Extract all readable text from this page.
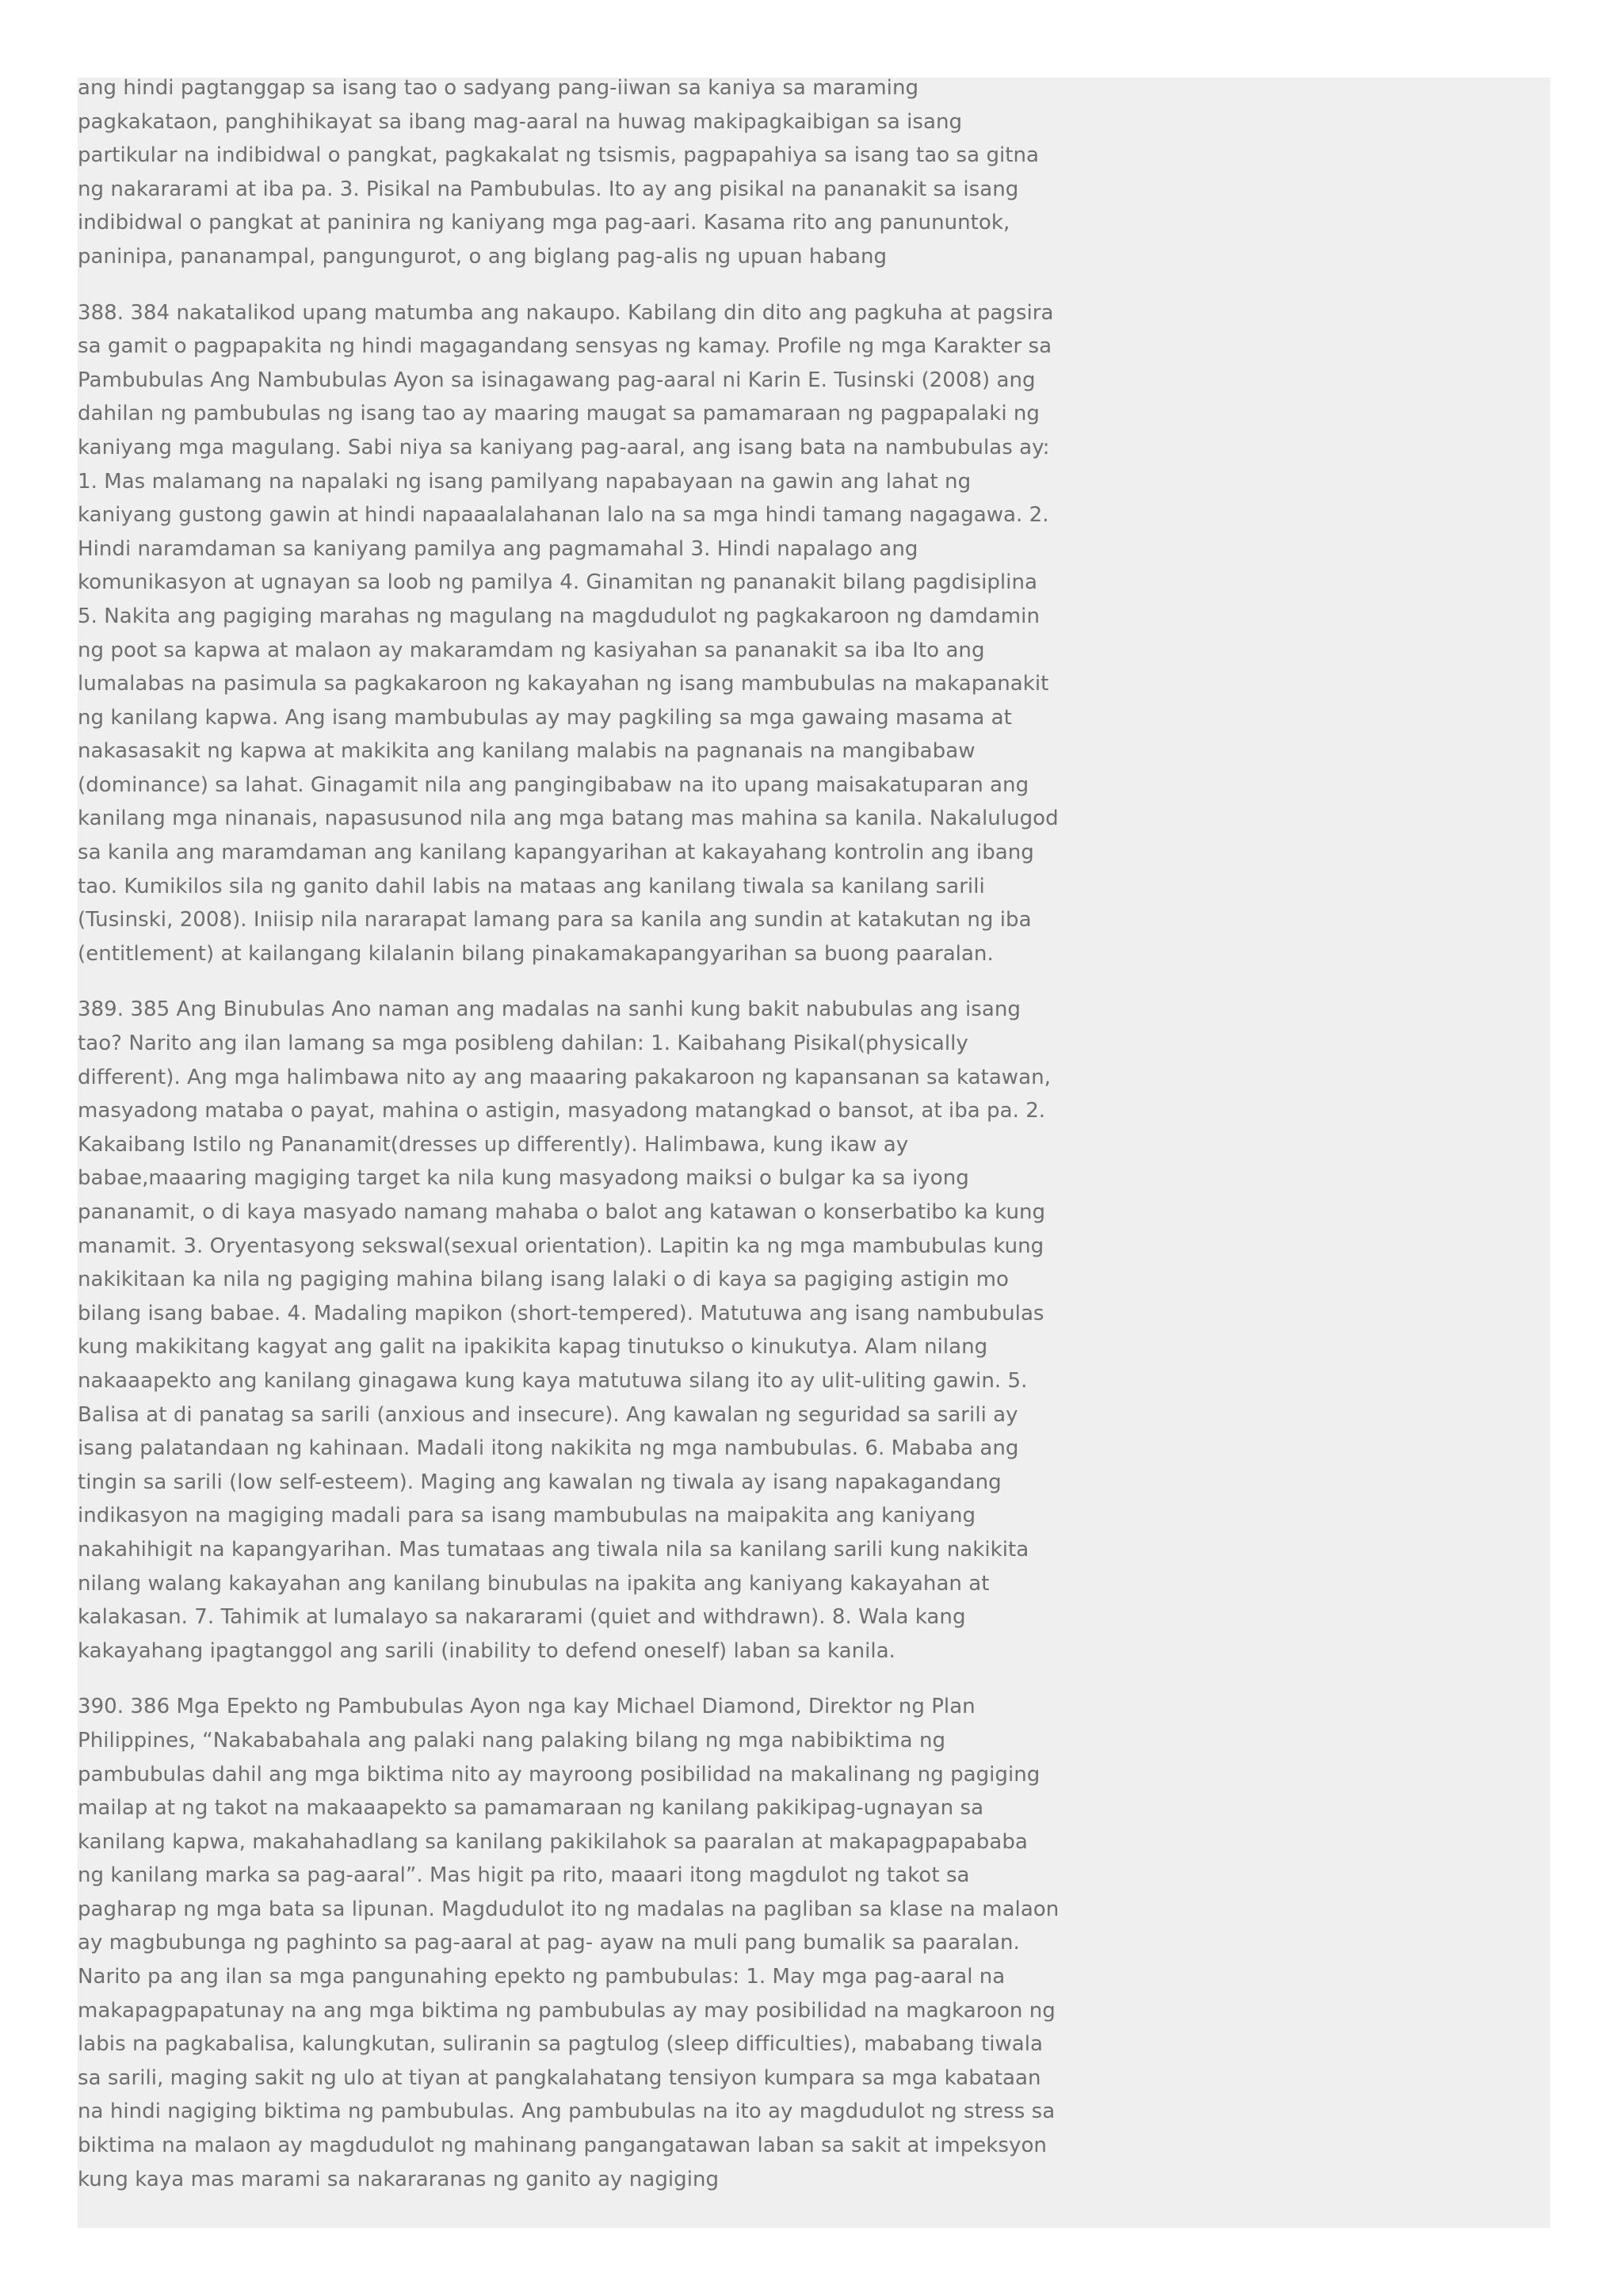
ang hindi pagtanggap sa isang tao o sadyang pang-iiwan sa kaniya sa maraming pagkakataon, panghihikayat sa ibang mag-aaral na huwag makipagkaibigan sa isang partikular na indibidwal o pangkat, pagkakalat ng tsismis, pagpapahiya sa isang tao sa gitna ng nakararami at iba pa. 3. Pisikal na Pambubulas. Ito ay ang pisikal na pananakit sa isang indibidwal o pangkat at paninira ng kaniyang mga pag-aari. Kasama rito ang panununtok, paninipa, pananampal, pangungurot, o ang biglang pag-alis ng upuan habang

388. 384 nakatalikod upang matumba ang nakaupo. Kabilang din dito ang pagkuha at pagsira sa gamit o pagpapakita ng hindi magagandang sensyas ng kamay. Profile ng mga Karakter sa Pambubulas Ang Nambubulas Ayon sa isinagawang pag-aaral ni Karin E. Tusinski (2008) ang dahilan ng pambubulas ng isang tao ay maaring maugat sa pamamaraan ng pagpapalaki ng kaniyang mga magulang. Sabi niya sa kaniyang pag-aaral, ang isang bata na nambubulas ay: 1. Mas malamang na napalaki ng isang pamilyang napabayaan na gawin ang lahat ng kaniyang gustong gawin at hindi napaaalalahanan lalo na sa mga hindi tamang nagagawa. 2. Hindi naramdaman sa kaniyang pamilya ang pagmamahal 3. Hindi napalago ang komunikasyon at ugnayan sa loob ng pamilya 4. Ginamitan ng pananakit bilang pagdisiplina 5. Nakita ang pagiging marahas ng magulang na magdudulot ng pagkakaroon ng damdamin ng poot sa kapwa at malaon ay makaramdam ng kasiyahan sa pananakit sa iba Ito ang lumalabas na pasimula sa pagkakaroon ng kakayahan ng isang mambubulas na makapanakit ng kanilang kapwa. Ang isang mambubulas ay may pagkiling sa mga gawaing masama at nakasasakit ng kapwa at makikita ang kanilang malabis na pagnanais na mangibabaw (dominance) sa lahat. Ginagamit nila ang pangingibabaw na ito upang maisakatuparan ang kanilang mga ninanais, napasusunod nila ang mga batang mas mahina sa kanila. Nakalulugod sa kanila ang maramdaman ang kanilang kapangyarihan at kakayahang kontrolin ang ibang tao. Kumikilos sila ng ganito dahil labis na mataas ang kanilang tiwala sa kanilang sarili (Tusinski, 2008). Iniisip nila nararapat lamang para sa kanila ang sundin at katakutan ng iba (entitlement) at kailangang kilalanin bilang pinakamakapangyarihan sa buong paaralan.

389. 385 Ang Binubulas Ano naman ang madalas na sanhi kung bakit nabubulas ang isang tao? Narito ang ilan lamang sa mga posibleng dahilan: 1. Kaibahang Pisikal(physically different). Ang mga halimbawa nito ay ang maaaring pakakaroon ng kapansanan sa katawan, masyadong mataba o payat, mahina o astigin, masyadong matangkad o bansot, at iba pa. 2. Kakaibang Istilo ng Pananamit(dresses up differently). Halimbawa, kung ikaw ay babae,maaaring magiging target ka nila kung masyadong maiksi o bulgar ka sa iyong pananamit, o di kaya masyado namang mahaba o balot ang katawan o konserbatibo ka kung manamit. 3. Oryentasyong sekswal(sexual orientation). Lapitin ka ng mga mambubulas kung nakikitaan ka nila ng pagiging mahina bilang isang lalaki o di kaya sa pagiging astigin mo bilang isang babae. 4. Madaling mapikon (short-tempered). Matutuwa ang isang nambubulas kung makikitang kagyat ang galit na ipakikita kapag tinutukso o kinukutya. Alam nilang nakaaapekto ang kanilang ginagawa kung kaya matutuwa silang ito ay ulit-uliting gawin. 5. Balisa at di panatag sa sarili (anxious and insecure). Ang kawalan ng seguridad sa sarili ay isang palatandaan ng kahinaan. Madali itong nakikita ng mga nambubulas. 6. Mababa ang tingin sa sarili (low self-esteem). Maging ang kawalan ng tiwala ay isang napakagandang indikasyon na magiging madali para sa isang mambubulas na maipakita ang kaniyang nakahihigit na kapangyarihan. Mas tumataas ang tiwala nila sa kanilang sarili kung nakikita nilang walang kakayahan ang kanilang binubulas na ipakita ang kaniyang kakayahan at kalakasan. 7. Tahimik at lumalayo sa nakararami (quiet and withdrawn). 8. Wala kang kakayahang ipagtanggol ang sarili (inability to defend oneself) laban sa kanila.

390. 386 Mga Epekto ng Pambubulas Ayon nga kay Michael Diamond, Direktor ng Plan Philippines, “Nakababahala ang palaki nang palaking bilang ng mga nabibiktima ng pambubulas dahil ang mga biktima nito ay mayroong posibilidad na makalinang ng pagiging mailap at ng takot na makaaapekto sa pamamaraan ng kanilang pakikipag-ugnayan sa kanilang kapwa, makahahadlang sa kanilang pakikilahok sa paaralan at makapagpapababa ng kanilang marka sa pag-aaral”. Mas higit pa rito, maaari itong magdulot ng takot sa pagharap ng mga bata sa lipunan. Magdudulot ito ng madalas na pagliban sa klase na malaon ay magbubunga ng paghinto sa pag-aaral at pag- ayaw na muli pang bumalik sa paaralan. Narito pa ang ilan sa mga pangunahing epekto ng pambubulas: 1. May mga pag-aaral na makapagpapatunay na ang mga biktima ng pambubulas ay may posibilidad na magkaroon ng labis na pagkabalisa, kalungkutan, suliranin sa pagtulog (sleep difficulties), mababang tiwala sa sarili, maging sakit ng ulo at tiyan at pangkalahatang tensiyon kumpara sa mga kabataan na hindi nagiging biktima ng pambubulas. Ang pambubulas na ito ay magdudulot ng stress sa biktima na malaon ay magdudulot ng mahinang pangangatawan laban sa sakit at impeksyon kung kaya mas marami sa nakararanas ng ganito ay nagiging
